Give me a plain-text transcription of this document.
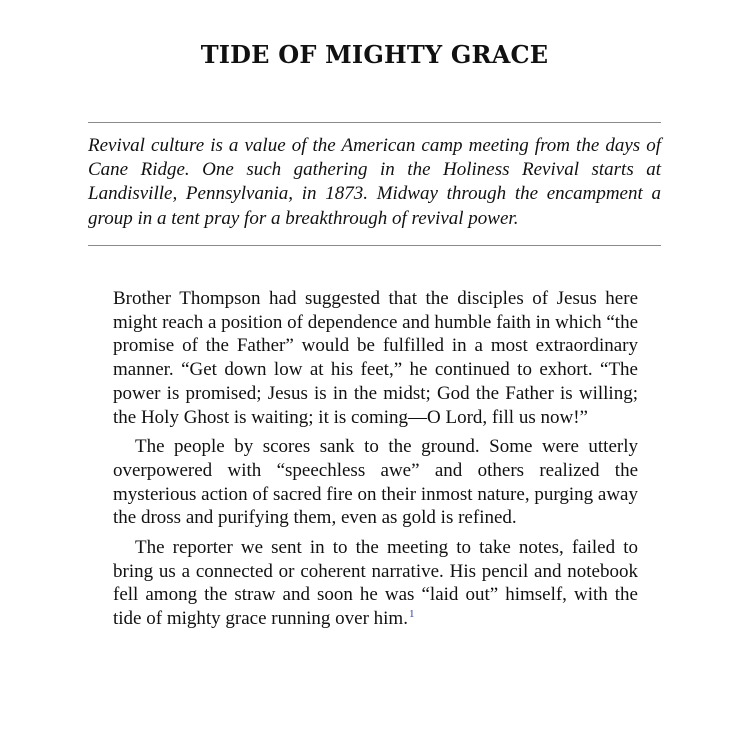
TIDE OF MIGHTY GRACE

Revival culture is a value of the American camp meeting from the days of Cane Ridge. One such gathering in the Holiness Revival starts at Landisville, Pennsylvania, in 1873. Midway through the encampment a group in a tent pray for a breakthrough of revival power.

Brother Thompson had suggested that the disciples of Jesus here might reach a position of dependence and humble faith in which “the promise of the Father” would be fulfilled in a most extraordinary manner. “Get down low at his feet,” he continued to exhort. “The power is promised; Jesus is in the midst; God the Father is willing; the Holy Ghost is waiting; it is coming—O Lord, fill us now!”

The people by scores sank to the ground. Some were utterly overpowered with “speechless awe” and others realized the mysterious action of sacred fire on their inmost nature, purging away the dross and purifying them, even as gold is refined.

The reporter we sent in to the meeting to take notes, failed to bring us a connected or coherent narrative. His pencil and notebook fell among the straw and soon he was “laid out” himself, with the tide of mighty grace running over him.$^1$
